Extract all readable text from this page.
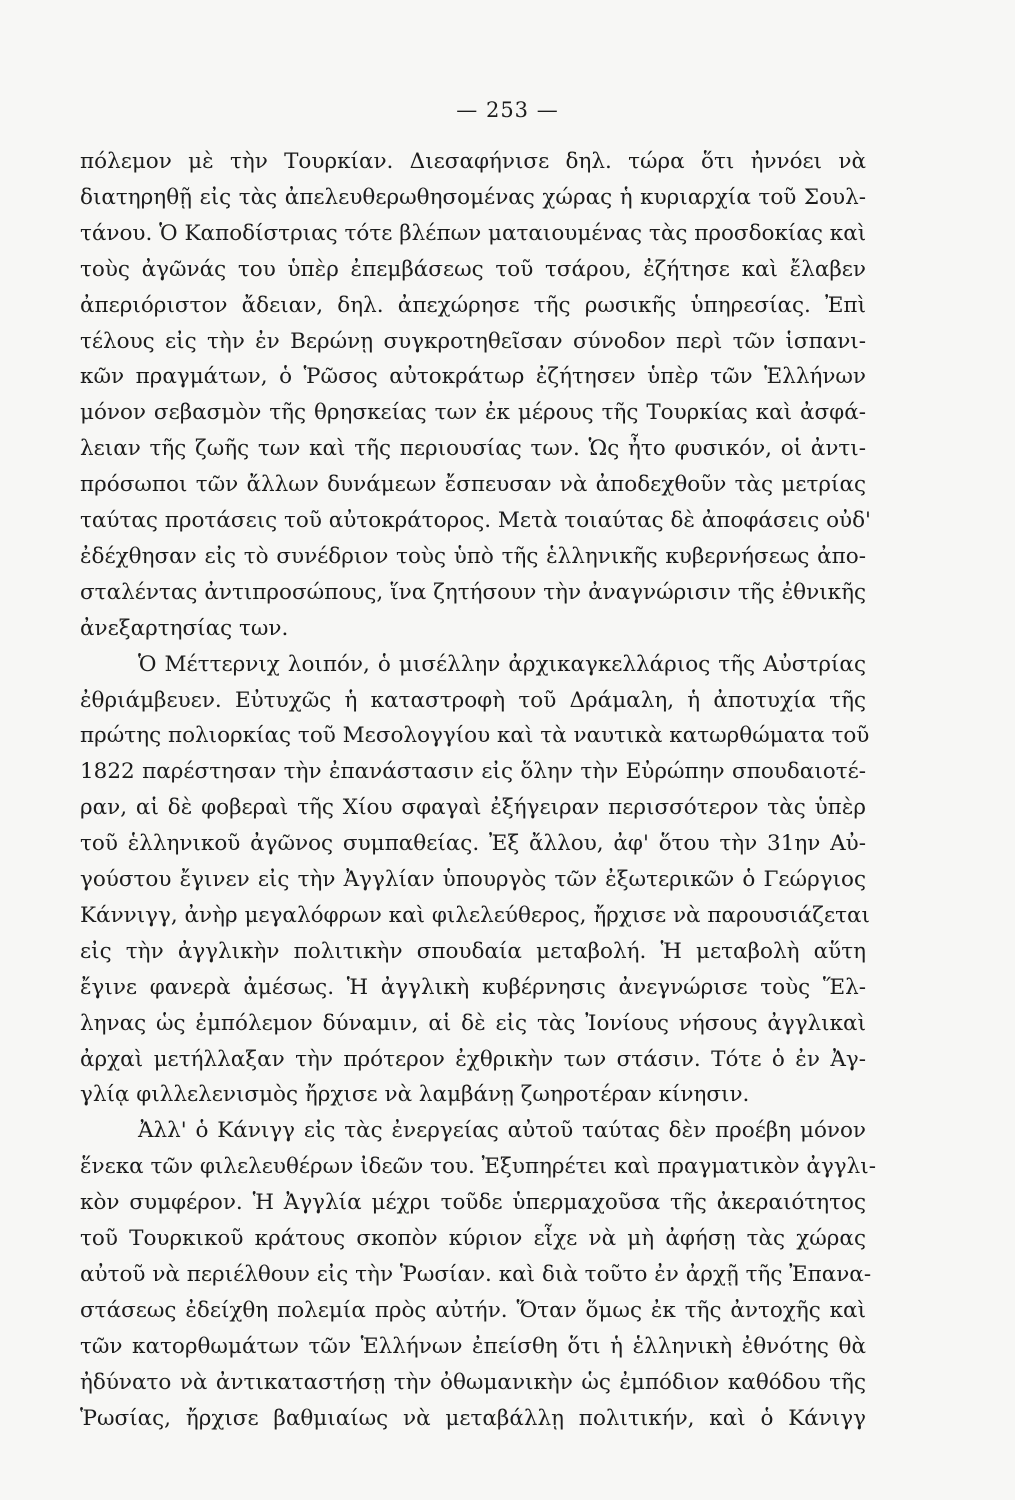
— 253 —
πόλεμον μὲ τὴν Τουρκίαν. Διεσαφήνισε δηλ. τώρα ὅτι ἠννόει νὰ
διατηρηθῇ εἰς τὰς ἀπελευθερωθησομένας χώρας ἡ κυριαρχία τοῦ Σουλ-
τάνου. Ὁ Καποδίστριας τότε βλέπων ματαιουμένας τὰς προσδοκίας καὶ
τοὺς ἀγῶνάς του ὑπὲρ ἐπεμβάσεως τοῦ τσάρου, ἐζήτησε καὶ ἔλαβεν
ἀπεριόριστον ἄδειαν, δηλ. ἀπεχώρησε τῆς ρωσικῆς ὑπηρεσίας. Ἐπὶ
τέλους εἰς τὴν ἐν Βερώνῃ συγκροτηθεῖσαν σύνοδον περὶ τῶν ἱσπανι-
κῶν πραγμάτων, ὁ Ῥῶσος αὐτοκράτωρ ἐζήτησεν ὑπὲρ τῶν Ἑλλήνων
μόνον σεβασμὸν τῆς θρησκείας των ἐκ μέρους τῆς Τουρκίας καὶ ἀσφά-
λειαν τῆς ζωῆς των καὶ τῆς περιουσίας των. Ὡς ἦτο φυσικόν, οἱ ἀντι-
πρόσωποι τῶν ἄλλων δυνάμεων ἔσπευσαν νὰ ἀποδεχθοῦν τὰς μετρίας
ταύτας προτάσεις τοῦ αὐτοκράτορος. Μετὰ τοιαύτας δὲ ἀποφάσεις οὐδ'
ἐδέχθησαν εἰς τὸ συνέδριον τοὺς ὑπὸ τῆς ἑλληνικῆς κυβερνήσεως ἀπο-
σταλέντας ἀντιπροσώπους, ἵνα ζητήσουν τὴν ἀναγνώρισιν τῆς ἐθνικῆς
ἀνεξαρτησίας των.
Ὁ Μέττερνιχ λοιπόν, ὁ μισέλλην ἀρχικαγκελλάριος τῆς Αὐστρίας
ἐθριάμβευεν. Εὐτυχῶς ἡ καταστροφὴ τοῦ Δράμαλη, ἡ ἀποτυχία τῆς
πρώτης πολιορκίας τοῦ Μεσολογγίου καὶ τὰ ναυτικὰ κατωρθώματα τοῦ
1822 παρέστησαν τὴν ἐπανάστασιν εἰς ὅλην τὴν Εὐρώπην σπουδαιοτέ-
ραν, αἱ δὲ φοβεραὶ τῆς Χίου σφαγαὶ ἐξήγειραν περισσότερον τὰς ὑπὲρ
τοῦ ἑλληνικοῦ ἀγῶνος συμπαθείας. Ἐξ ἄλλου, ἀφ' ὅτου τὴν 31ην Αὐ-
γούστου ἔγινεν εἰς τὴν Ἀγγλίαν ὑπουργὸς τῶν ἐξωτερικῶν ὁ Γεώργιος
Κάννιγγ, ἀνὴρ μεγαλόφρων καὶ φιλελεύθερος, ἤρχισε νὰ παρουσιάζεται
εἰς τὴν ἀγγλικὴν πολιτικὴν σπουδαία μεταβολή. Ἡ μεταβολὴ αὕτη
ἔγινε φανερὰ ἀμέσως. Ἡ ἀγγλικὴ κυβέρνησις ἀνεγνώρισε τοὺς Ἕλ-
ληνας ὡς ἐμπόλεμον δύναμιν, αἱ δὲ εἰς τὰς Ἰονίους νήσους ἀγγλικαὶ
ἀρχαὶ μετήλλαξαν τὴν πρότερον ἐχθρικὴν των στάσιν. Τότε ὁ ἐν Ἀγ-
γλίᾳ φιλλελενισμὸς ἤρχισε νὰ λαμβάνῃ ζωηροτέραν κίνησιν.
Ἀλλ' ὁ Κάνιγγ εἰς τὰς ἐνεργείας αὐτοῦ ταύτας δὲν προέβη μόνον
ἕνεκα τῶν φιλελευθέρων ἰδεῶν του. Ἐξυπηρέτει καὶ πραγματικὸν ἀγγλι-
κὸν συμφέρον. Ἡ Ἀγγλία μέχρι τοῦδε ὑπερμαχοῦσα τῆς ἀκεραιότητος
τοῦ Τουρκικοῦ κράτους σκοπὸν κύριον εἶχε νὰ μὴ ἀφήσῃ τὰς χώρας
αὐτοῦ νὰ περιέλθουν εἰς τὴν Ῥωσίαν. καὶ διὰ τοῦτο ἐν ἀρχῇ τῆς Ἐπανα-
στάσεως ἐδείχθη πολεμία πρὸς αὐτήν. Ὅταν ὅμως ἐκ τῆς ἀντοχῆς καὶ
τῶν κατορθωμάτων τῶν Ἑλλήνων ἐπείσθη ὅτι ἡ ἑλληνικὴ ἐθνότης θὰ
ἠδύνατο νὰ ἀντικαταστήσῃ τὴν ὀθωμανικὴν ὡς ἐμπόδιον καθόδου τῆς
Ῥωσίας, ἤρχισε βαθμιαίως νὰ μεταβάλλῃ πολιτικήν, καὶ ὁ Κάνιγγ
